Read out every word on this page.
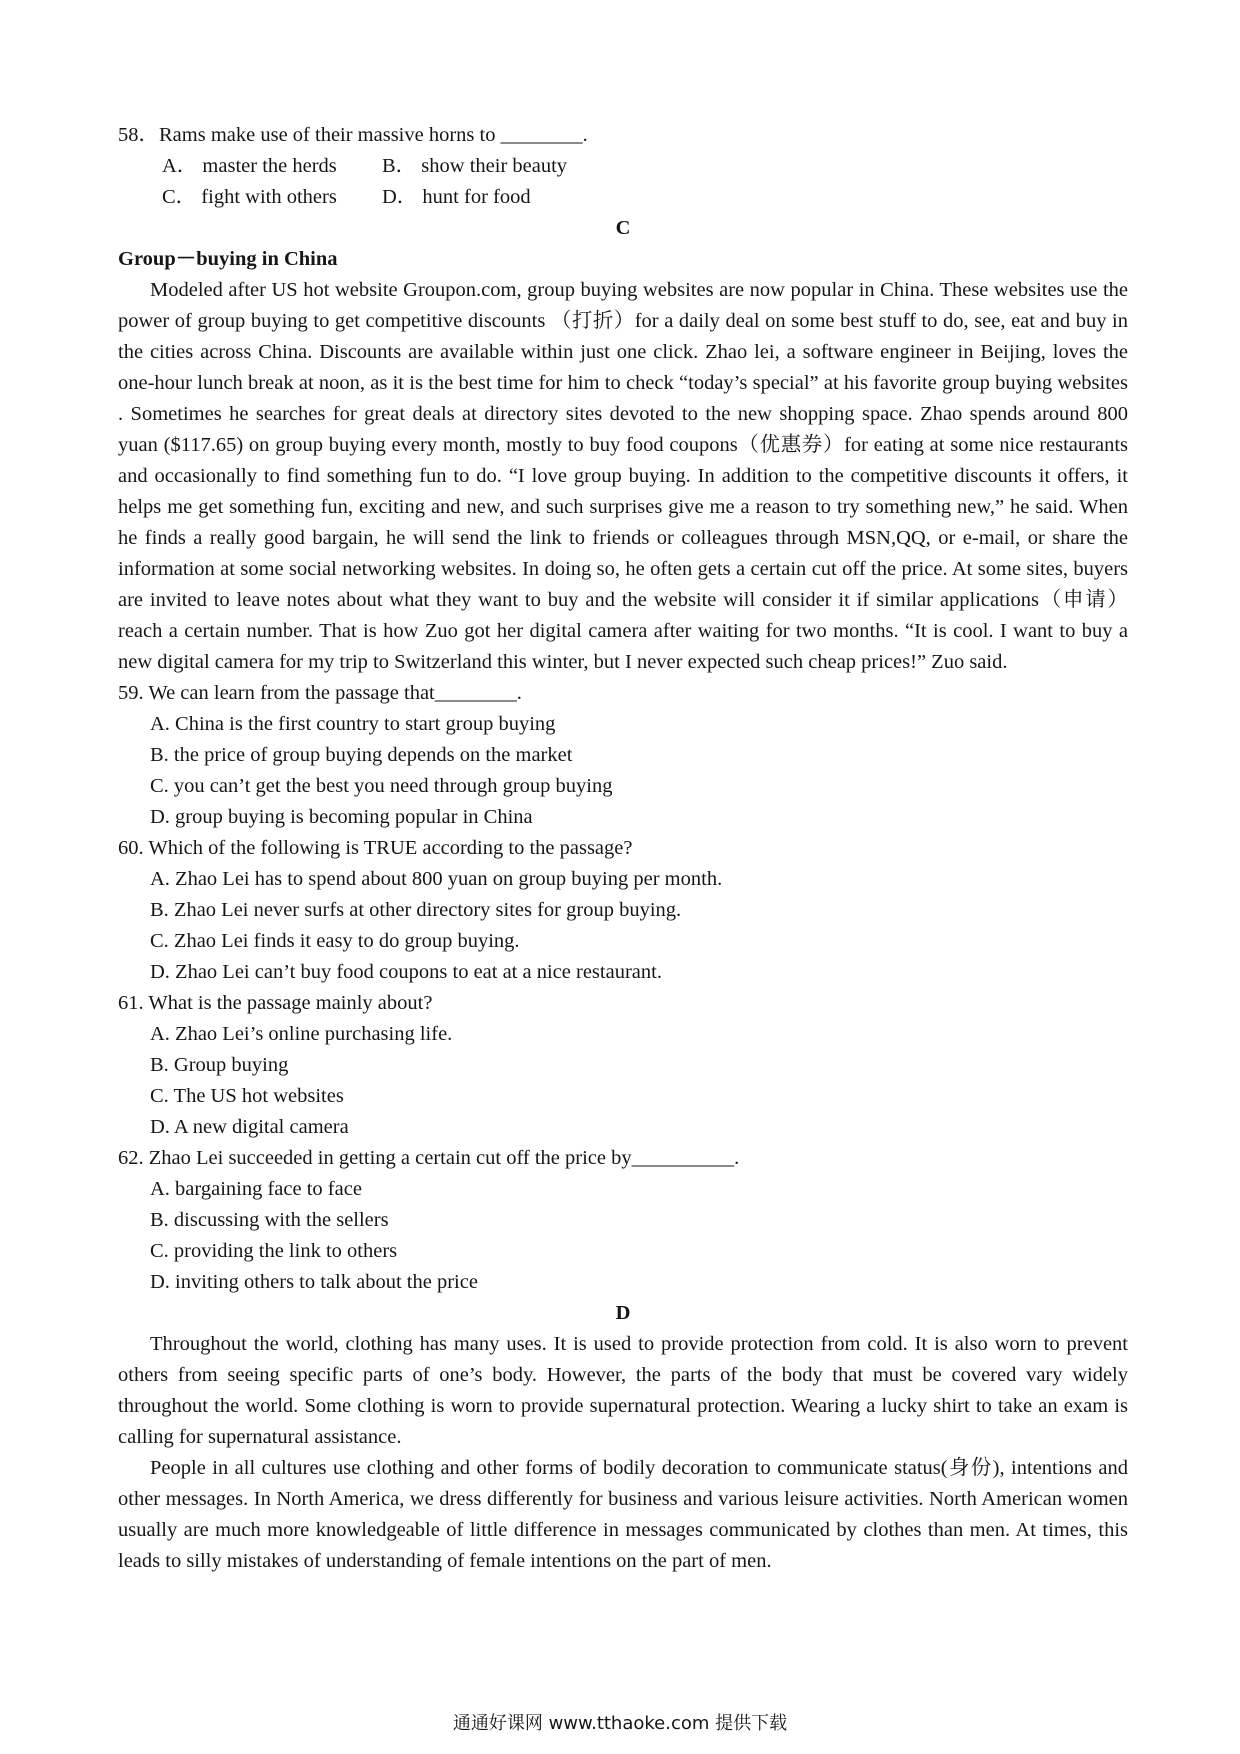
58．Rams make use of their massive horns to ________.

A． master the herds	B． show their beauty
C． fight with others	D． hunt for food

C

Group－buying in China

Modeled after US hot website Groupon.com, group buying websites are now popular in China. These websites use the power of group buying to get competitive discounts （打折）for a daily deal on some best stuff to do, see, eat and buy in the cities across China. Discounts are available within just one click. Zhao lei, a software engineer in Beijing, loves the one-hour lunch break at noon, as it is the best time for him to check “today’s special” at his favorite group buying websites . Sometimes he searches for great deals at directory sites devoted to the new shopping space. Zhao spends around 800 yuan ($117.65) on group buying every month, mostly to buy food coupons（优惠券）for eating at some nice restaurants and occasionally to find something fun to do. “I love group buying. In addition to the competitive discounts it offers, it helps me get something fun, exciting and new, and such surprises give me a reason to try something new,” he said. When he finds a really good bargain, he will send the link to friends or colleagues through MSN,QQ, or e-mail, or share the information at some social networking websites. In doing so, he often gets a certain cut off the price. At some sites, buyers are invited to leave notes about what they want to buy and the website will consider it if similar applications（申请）reach a certain number. That is how Zuo got her digital camera after waiting for two months. “It is cool. I want to buy a new digital camera for my trip to Switzerland this winter, but I never expected such cheap prices!” Zuo said.

59. We can learn from the passage that________.

A. China is the first country to start group buying

B. the price of group buying depends on the market

C. you can’t get the best you need through group buying

D. group buying is becoming popular in China

60. Which of the following is TRUE according to the passage?

A. Zhao Lei has to spend about 800 yuan on group buying per month.

B. Zhao Lei never surfs at other directory sites for group buying.

C. Zhao Lei finds it easy to do group buying.

D. Zhao Lei can’t buy food coupons to eat at a nice restaurant.

61. What is the passage mainly about?

A. Zhao Lei’s online purchasing life.

B. Group buying

C. The US hot websites

D. A new digital camera

62. Zhao Lei succeeded in getting a certain cut off the price by__________.

A. bargaining face to face

B. discussing with the sellers

C. providing the link to others

D. inviting others to talk about the price

D

Throughout the world, clothing has many uses. It is used to provide protection from cold. It is also worn to prevent others from seeing specific parts of one’s body. However, the parts of the body that must be covered vary widely throughout the world. Some clothing is worn to provide supernatural protection. Wearing a lucky shirt to take an exam is calling for supernatural assistance.

People in all cultures use clothing and other forms of bodily decoration to communicate status(身份), intentions and other messages. In North America, we dress differently for business and various leisure activities. North American women usually are much more knowledgeable of little difference in messages communicated by clothes than men. At times, this leads to silly mistakes of understanding of female intentions on the part of men.

通通好课网 www.tthaoke.com 提供下载
